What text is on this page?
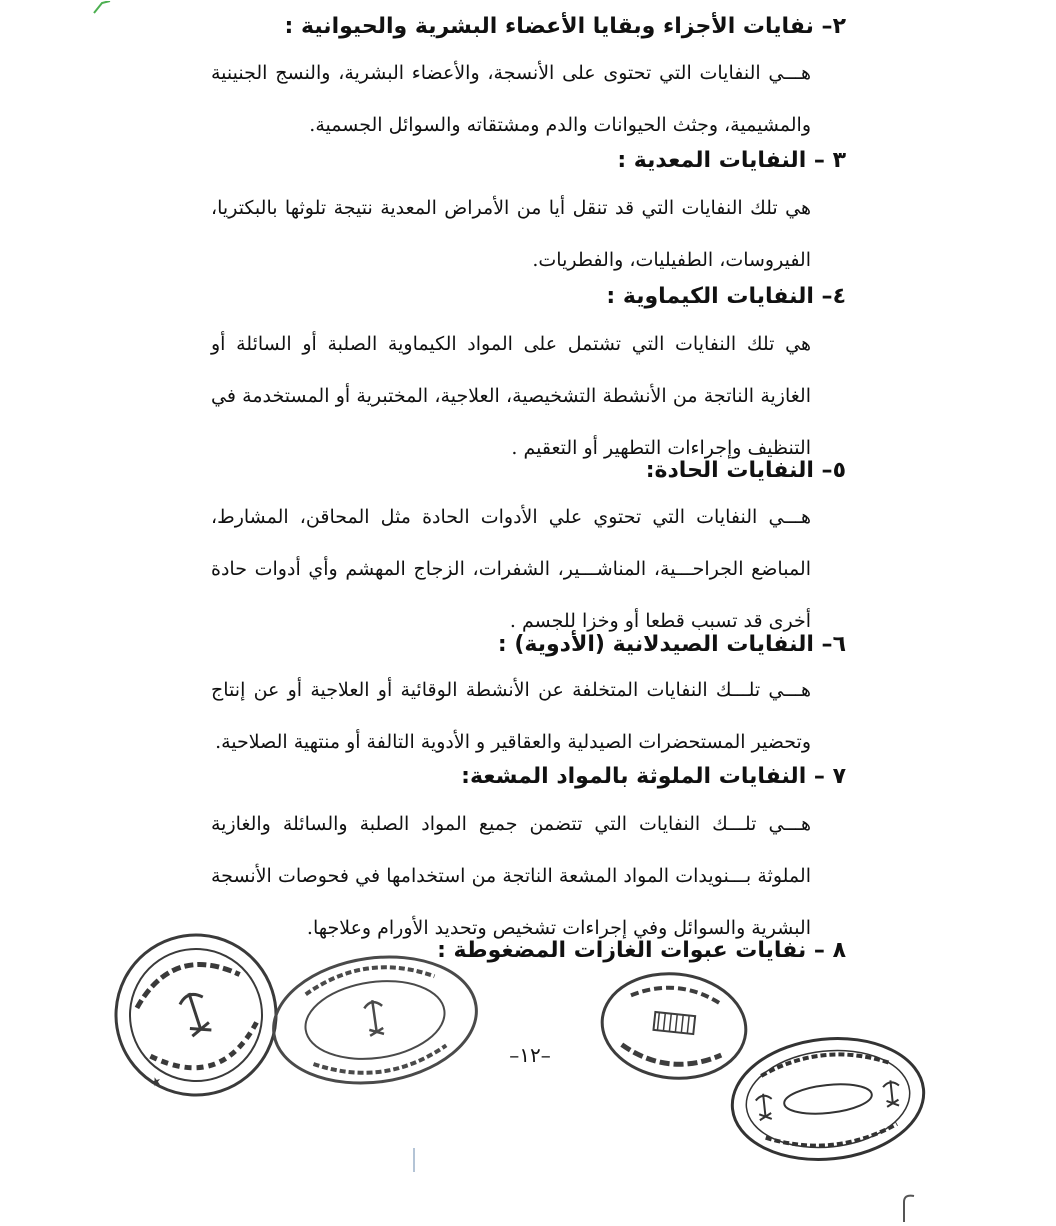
٢– نفايات الأجزاء وبقايا الأعضاء البشرية والحيوانية :
هـــي النفايات التي تحتوى على الأنسجة، والأعضاء البشرية، والنسج الجنينية والمشيمية، وجثث الحيوانات والدم ومشتقاته والسوائل الجسمية.
٣ – النفايات المعدية :
هي تلك النفايات التي قد تنقل أيا من الأمراض المعدية نتيجة تلوثها بالبكتريا، الفيروسات، الطفيليات، والفطريات.
٤– النفايات الكيماوية :
هي تلك النفايات التي تشتمل على المواد الكيماوية الصلبة أو السائلة أو الغازية الناتجة من الأنشطة التشخيصية، العلاجية، المختبرية أو المستخدمة في التنظيف وإجراءات التطهير أو التعقيم .
٥– النفايات الحادة:
هـــي النفايات التي تحتوي علي الأدوات الحادة مثل المحاقن، المشارط، المباضع الجراحـــية، المناشـــير، الشفرات، الزجاج المهشم وأي أدوات حادة أخرى قد تسبب قطعا أو وخزا للجسم .
٦– النفايات الصيدلانية (الأدوية) :
هـــي تلـــك النفايات المتخلفة عن الأنشطة الوقائية أو العلاجية أو عن إنتاج وتحضير المستحضرات الصيدلية والعقاقير و الأدوية التالفة أو منتهية الصلاحية.
٧ – النفايات الملوثة بالمواد المشعة:
هـــي تلـــك النفايات التي تتضمن جميع المواد الصلبة والسائلة والغازية الملوثة بـــنويدات المواد المشعة الناتجة من استخدامها في فحوصات الأنسجة البشرية والسوائل وفي إجراءات تشخيص وتحديد الأورام وعلاجها.
٨ – نفايات عبوات الغازات المضغوطة :
★
–١٢–
